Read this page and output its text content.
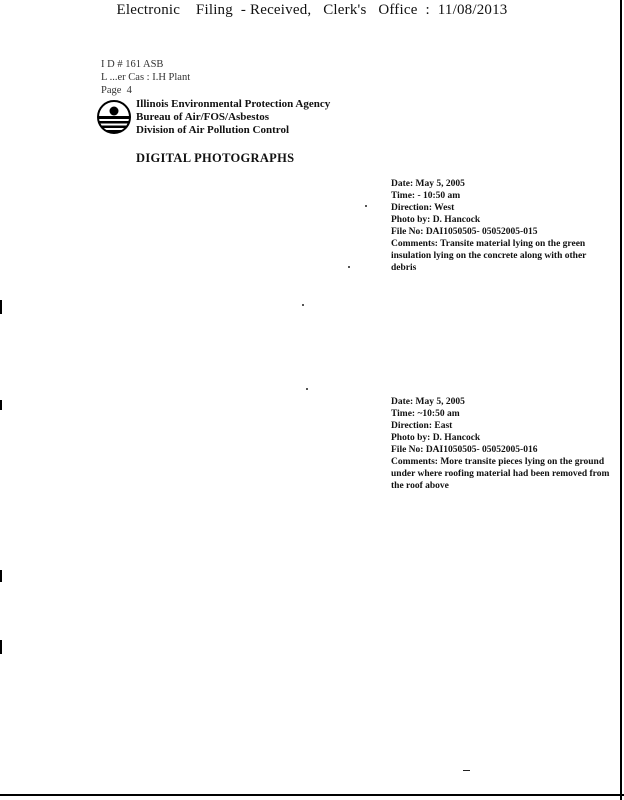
Electronic    Filing  - Received,   Clerk's   Office  :  11/08/2013
I D # 161 ASB
L ...er Cas : I.H Plant
Page  4
Illinois Environmental Protection Agency
Bureau of Air/FOS/Asbestos
Division of Air Pollution Control
DIGITAL PHOTOGRAPHS
Date: May 5, 2005
Time: - 10:50 am
Direction: West
Photo by: D. Hancock
File No: DAI1050505- 05052005-015
Comments: Transite material lying on the green insulation lying on the concrete along with other debris
Date: May 5, 2005
Time: ~10:50 am
Direction: East
Photo by: D. Hancock
File No: DAI1050505- 05052005-016
Comments: More transite pieces lying on the ground under where roofing material had been removed from the roof above
